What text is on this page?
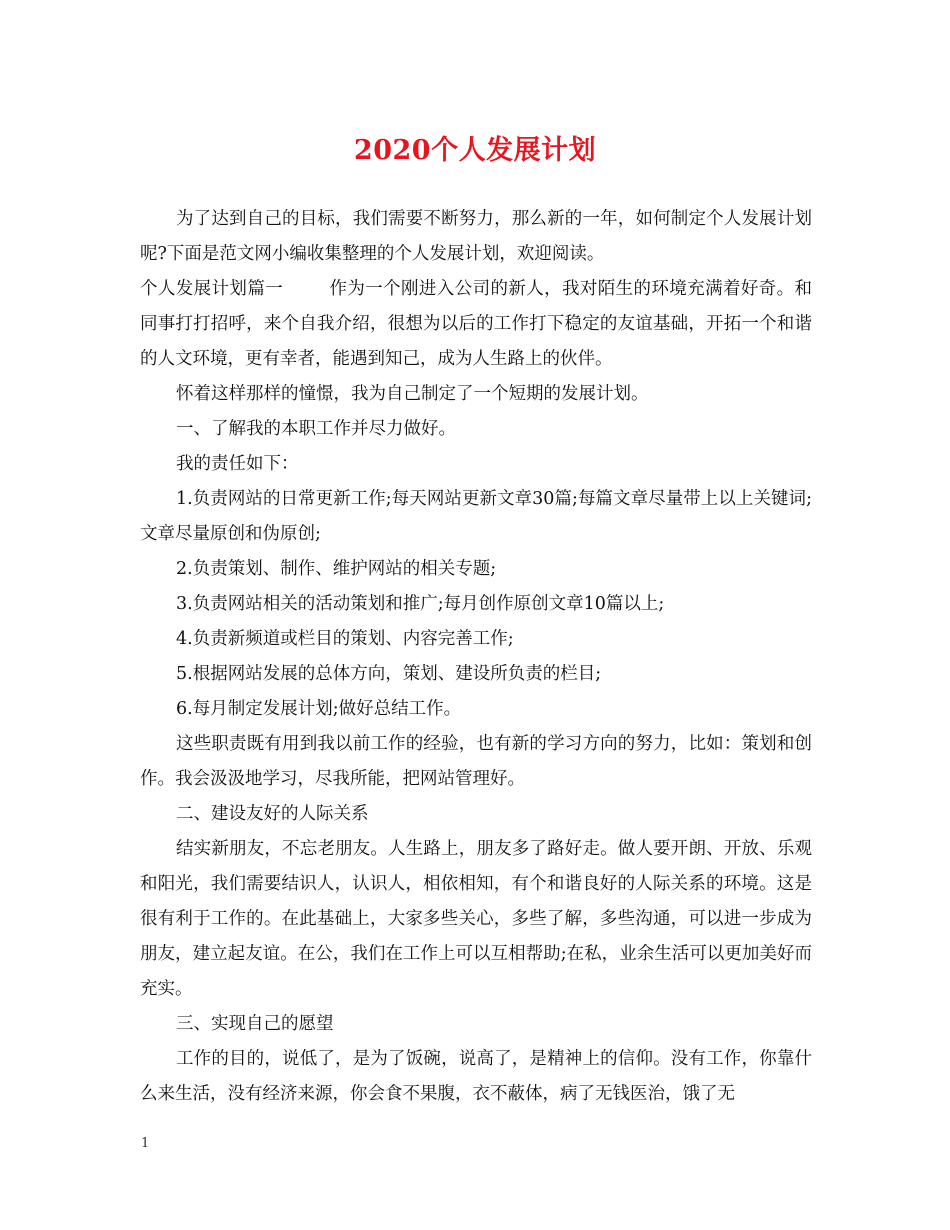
2020个人发展计划

为了达到自己的目标，我们需要不断努力，那么新的一年，如何制定个人发展计划呢?下面是范文网小编收集整理的个人发展计划，欢迎阅读。

个人发展计划篇一	作为一个刚进入公司的新人，我对陌生的环境充满着好奇。和同事打打招呼，来个自我介绍，很想为以后的工作打下稳定的友谊基础，开拓一个和谐的人文环境，更有幸者，能遇到知己，成为人生路上的伙伴。

怀着这样那样的憧憬，我为自己制定了一个短期的发展计划。

一、了解我的本职工作并尽力做好。

我的责任如下：

1.负责网站的日常更新工作;每天网站更新文章30篇;每篇文章尽量带上以上关键词;文章尽量原创和伪原创;

2.负责策划、制作、维护网站的相关专题;

3.负责网站相关的活动策划和推广;每月创作原创文章10篇以上;

4.负责新频道或栏目的策划、内容完善工作;

5.根据网站发展的总体方向，策划、建设所负责的栏目;

6.每月制定发展计划;做好总结工作。

这些职责既有用到我以前工作的经验，也有新的学习方向的努力，比如：策划和创作。我会汲汲地学习，尽我所能，把网站管理好。

二、建设友好的人际关系

结实新朋友，不忘老朋友。人生路上，朋友多了路好走。做人要开朗、开放、乐观和阳光，我们需要结识人，认识人，相依相知，有个和谐良好的人际关系的环境。这是很有利于工作的。在此基础上，大家多些关心，多些了解，多些沟通，可以进一步成为朋友，建立起友谊。在公，我们在工作上可以互相帮助;在私，业余生活可以更加美好而充实。

三、实现自己的愿望

工作的目的，说低了，是为了饭碗，说高了，是精神上的信仰。没有工作，你靠什么来生活，没有经济来源，你会食不果腹，衣不蔽体，病了无钱医治，饿了无

1
